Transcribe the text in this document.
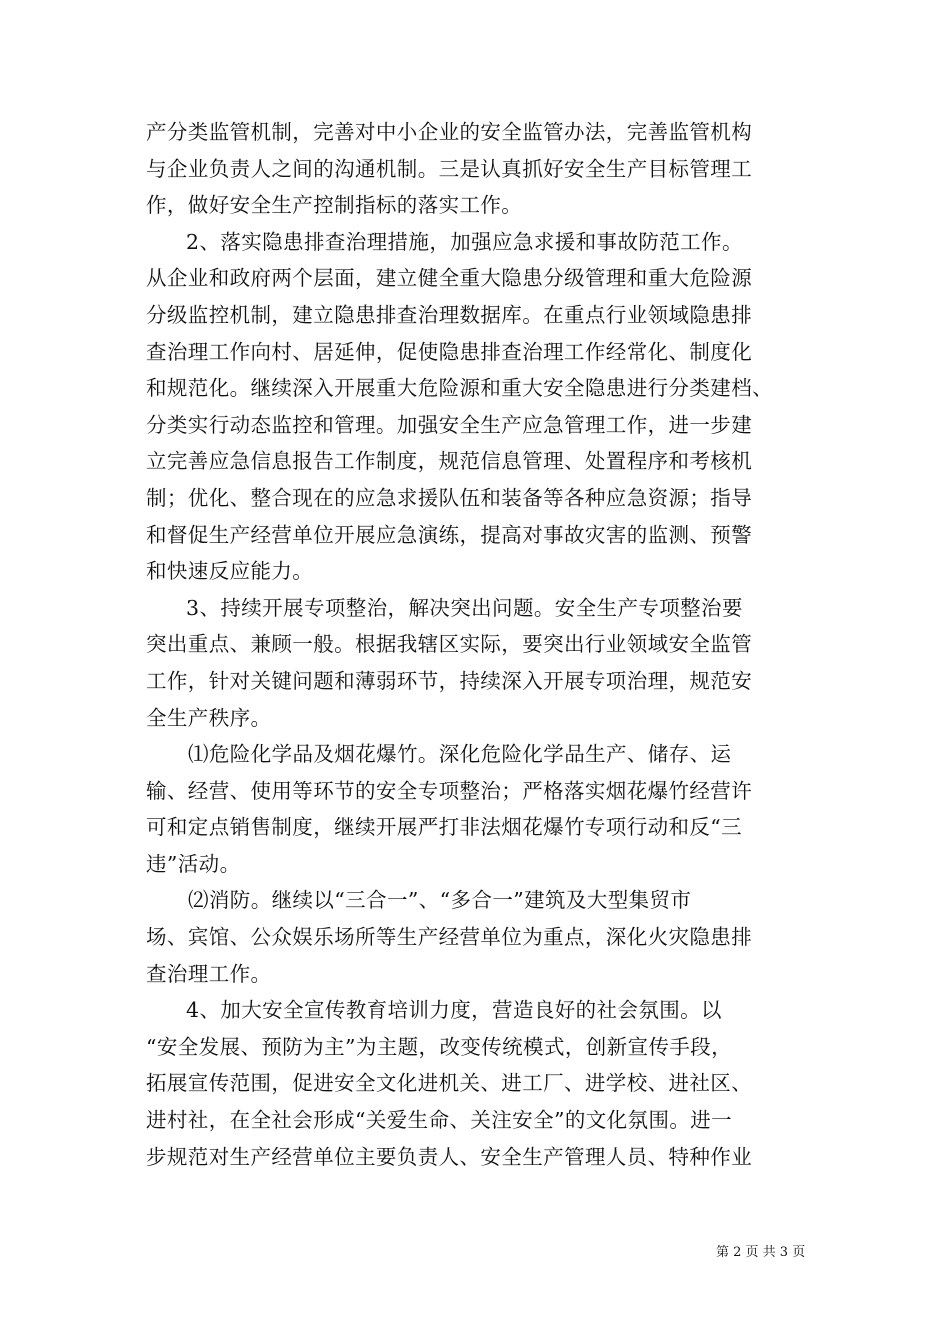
产分类监管机制，完善对中小企业的安全监管办法，完善监管机构
与企业负责人之间的沟通机制。三是认真抓好安全生产目标管理工
作，做好安全生产控制指标的落实工作。
2、落实隐患排查治理措施，加强应急求援和事故防范工作。
从企业和政府两个层面，建立健全重大隐患分级管理和重大危险源
分级监控机制，建立隐患排查治理数据库。在重点行业领域隐患排
查治理工作向村、居延伸，促使隐患排查治理工作经常化、制度化
和规范化。继续深入开展重大危险源和重大安全隐患进行分类建档、
分类实行动态监控和管理。加强安全生产应急管理工作，进一步建
立完善应急信息报告工作制度，规范信息管理、处置程序和考核机
制；优化、整合现在的应急求援队伍和装备等各种应急资源；指导
和督促生产经营单位开展应急演练，提高对事故灾害的监测、预警
和快速反应能力。
3、持续开展专项整治，解决突出问题。安全生产专项整治要
突出重点、兼顾一般。根据我辖区实际，要突出行业领域安全监管
工作，针对关键问题和薄弱环节，持续深入开展专项治理，规范安
全生产秩序。
⑴危险化学品及烟花爆竹。深化危险化学品生产、储存、运
输、经营、使用等环节的安全专项整治；严格落实烟花爆竹经营许
可和定点销售制度，继续开展严打非法烟花爆竹专项行动和反“三
违”活动。
⑵消防。继续以“三合一”、“多合一”建筑及大型集贸市
场、宾馆、公众娱乐场所等生产经营单位为重点，深化火灾隐患排
查治理工作。
4、加大安全宣传教育培训力度，营造良好的社会氛围。以
“安全发展、预防为主”为主题，改变传统模式，创新宣传手段，
拓展宣传范围，促进安全文化进机关、进工厂、进学校、进社区、
进村社，在全社会形成“关爱生命、关注安全”的文化氛围。进一
步规范对生产经营单位主要负责人、安全生产管理人员、特种作业
第 2 页 共 3 页
